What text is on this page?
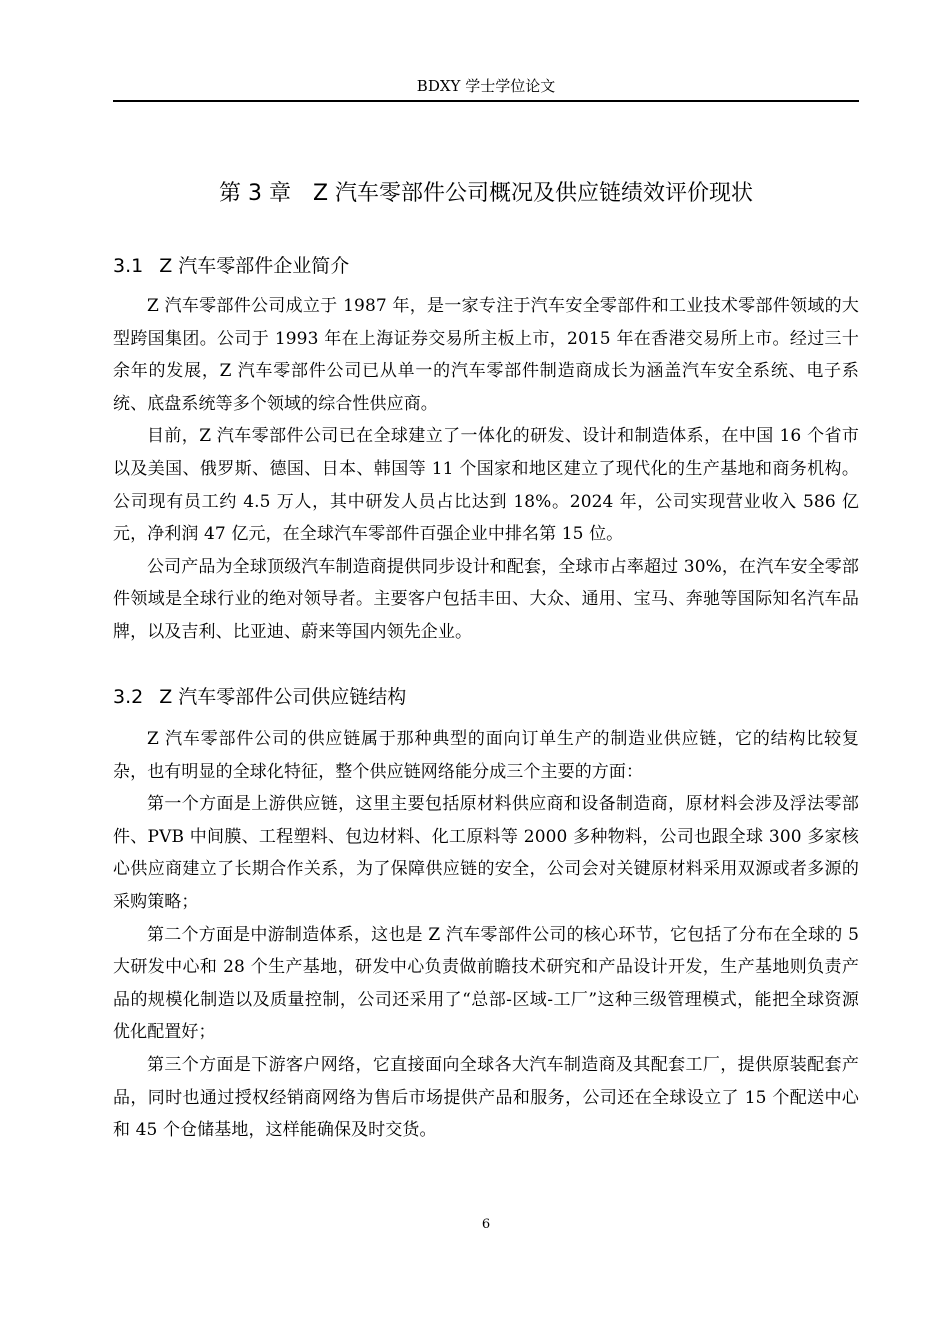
BDXY 学士学位论文
第 3 章 Z 汽车零部件公司概况及供应链绩效评价现状
3.1 Z 汽车零部件企业简介

Z 汽车零部件公司成立于 1987 年，是一家专注于汽车安全零部件和工业技术零部件领域的大型跨国集团。公司于 1993 年在上海证券交易所主板上市，2015 年在香港交易所上市。经过三十余年的发展，Z 汽车零部件公司已从单一的汽车零部件制造商成长为涵盖汽车安全系统、电子系统、底盘系统等多个领域的综合性供应商。

目前，Z 汽车零部件公司已在全球建立了一体化的研发、设计和制造体系，在中国 16 个省市以及美国、俄罗斯、德国、日本、韩国等 11 个国家和地区建立了现代化的生产基地和商务机构。公司现有员工约 4.5 万人，其中研发人员占比达到 18%。2024 年，公司实现营业收入 586 亿元，净利润 47 亿元，在全球汽车零部件百强企业中排名第 15 位。

公司产品为全球顶级汽车制造商提供同步设计和配套，全球市占率超过 30%，在汽车安全零部件领域是全球行业的绝对领导者。主要客户包括丰田、大众、通用、宝马、奔驰等国际知名汽车品牌，以及吉利、比亚迪、蔚来等国内领先企业。

3.2 Z 汽车零部件公司供应链结构

Z 汽车零部件公司的供应链属于那种典型的面向订单生产的制造业供应链，它的结构比较复杂，也有明显的全球化特征，整个供应链网络能分成三个主要的方面：

第一个方面是上游供应链，这里主要包括原材料供应商和设备制造商，原材料会涉及浮法零部件、PVB 中间膜、工程塑料、包边材料、化工原料等 2000 多种物料，公司也跟全球 300 多家核心供应商建立了长期合作关系，为了保障供应链的安全，公司会对关键原材料采用双源或者多源的采购策略；

第二个方面是中游制造体系，这也是 Z 汽车零部件公司的核心环节，它包括了分布在全球的 5 大研发中心和 28 个生产基地，研发中心负责做前瞻技术研究和产品设计开发，生产基地则负责产品的规模化制造以及质量控制，公司还采用了“总部-区域-工厂”这种三级管理模式，能把全球资源优化配置好；

第三个方面是下游客户网络，它直接面向全球各大汽车制造商及其配套工厂，提供原装配套产品，同时也通过授权经销商网络为售后市场提供产品和服务，公司还在全球设立了 15 个配送中心和 45 个仓储基地，这样能确保及时交货。

6
